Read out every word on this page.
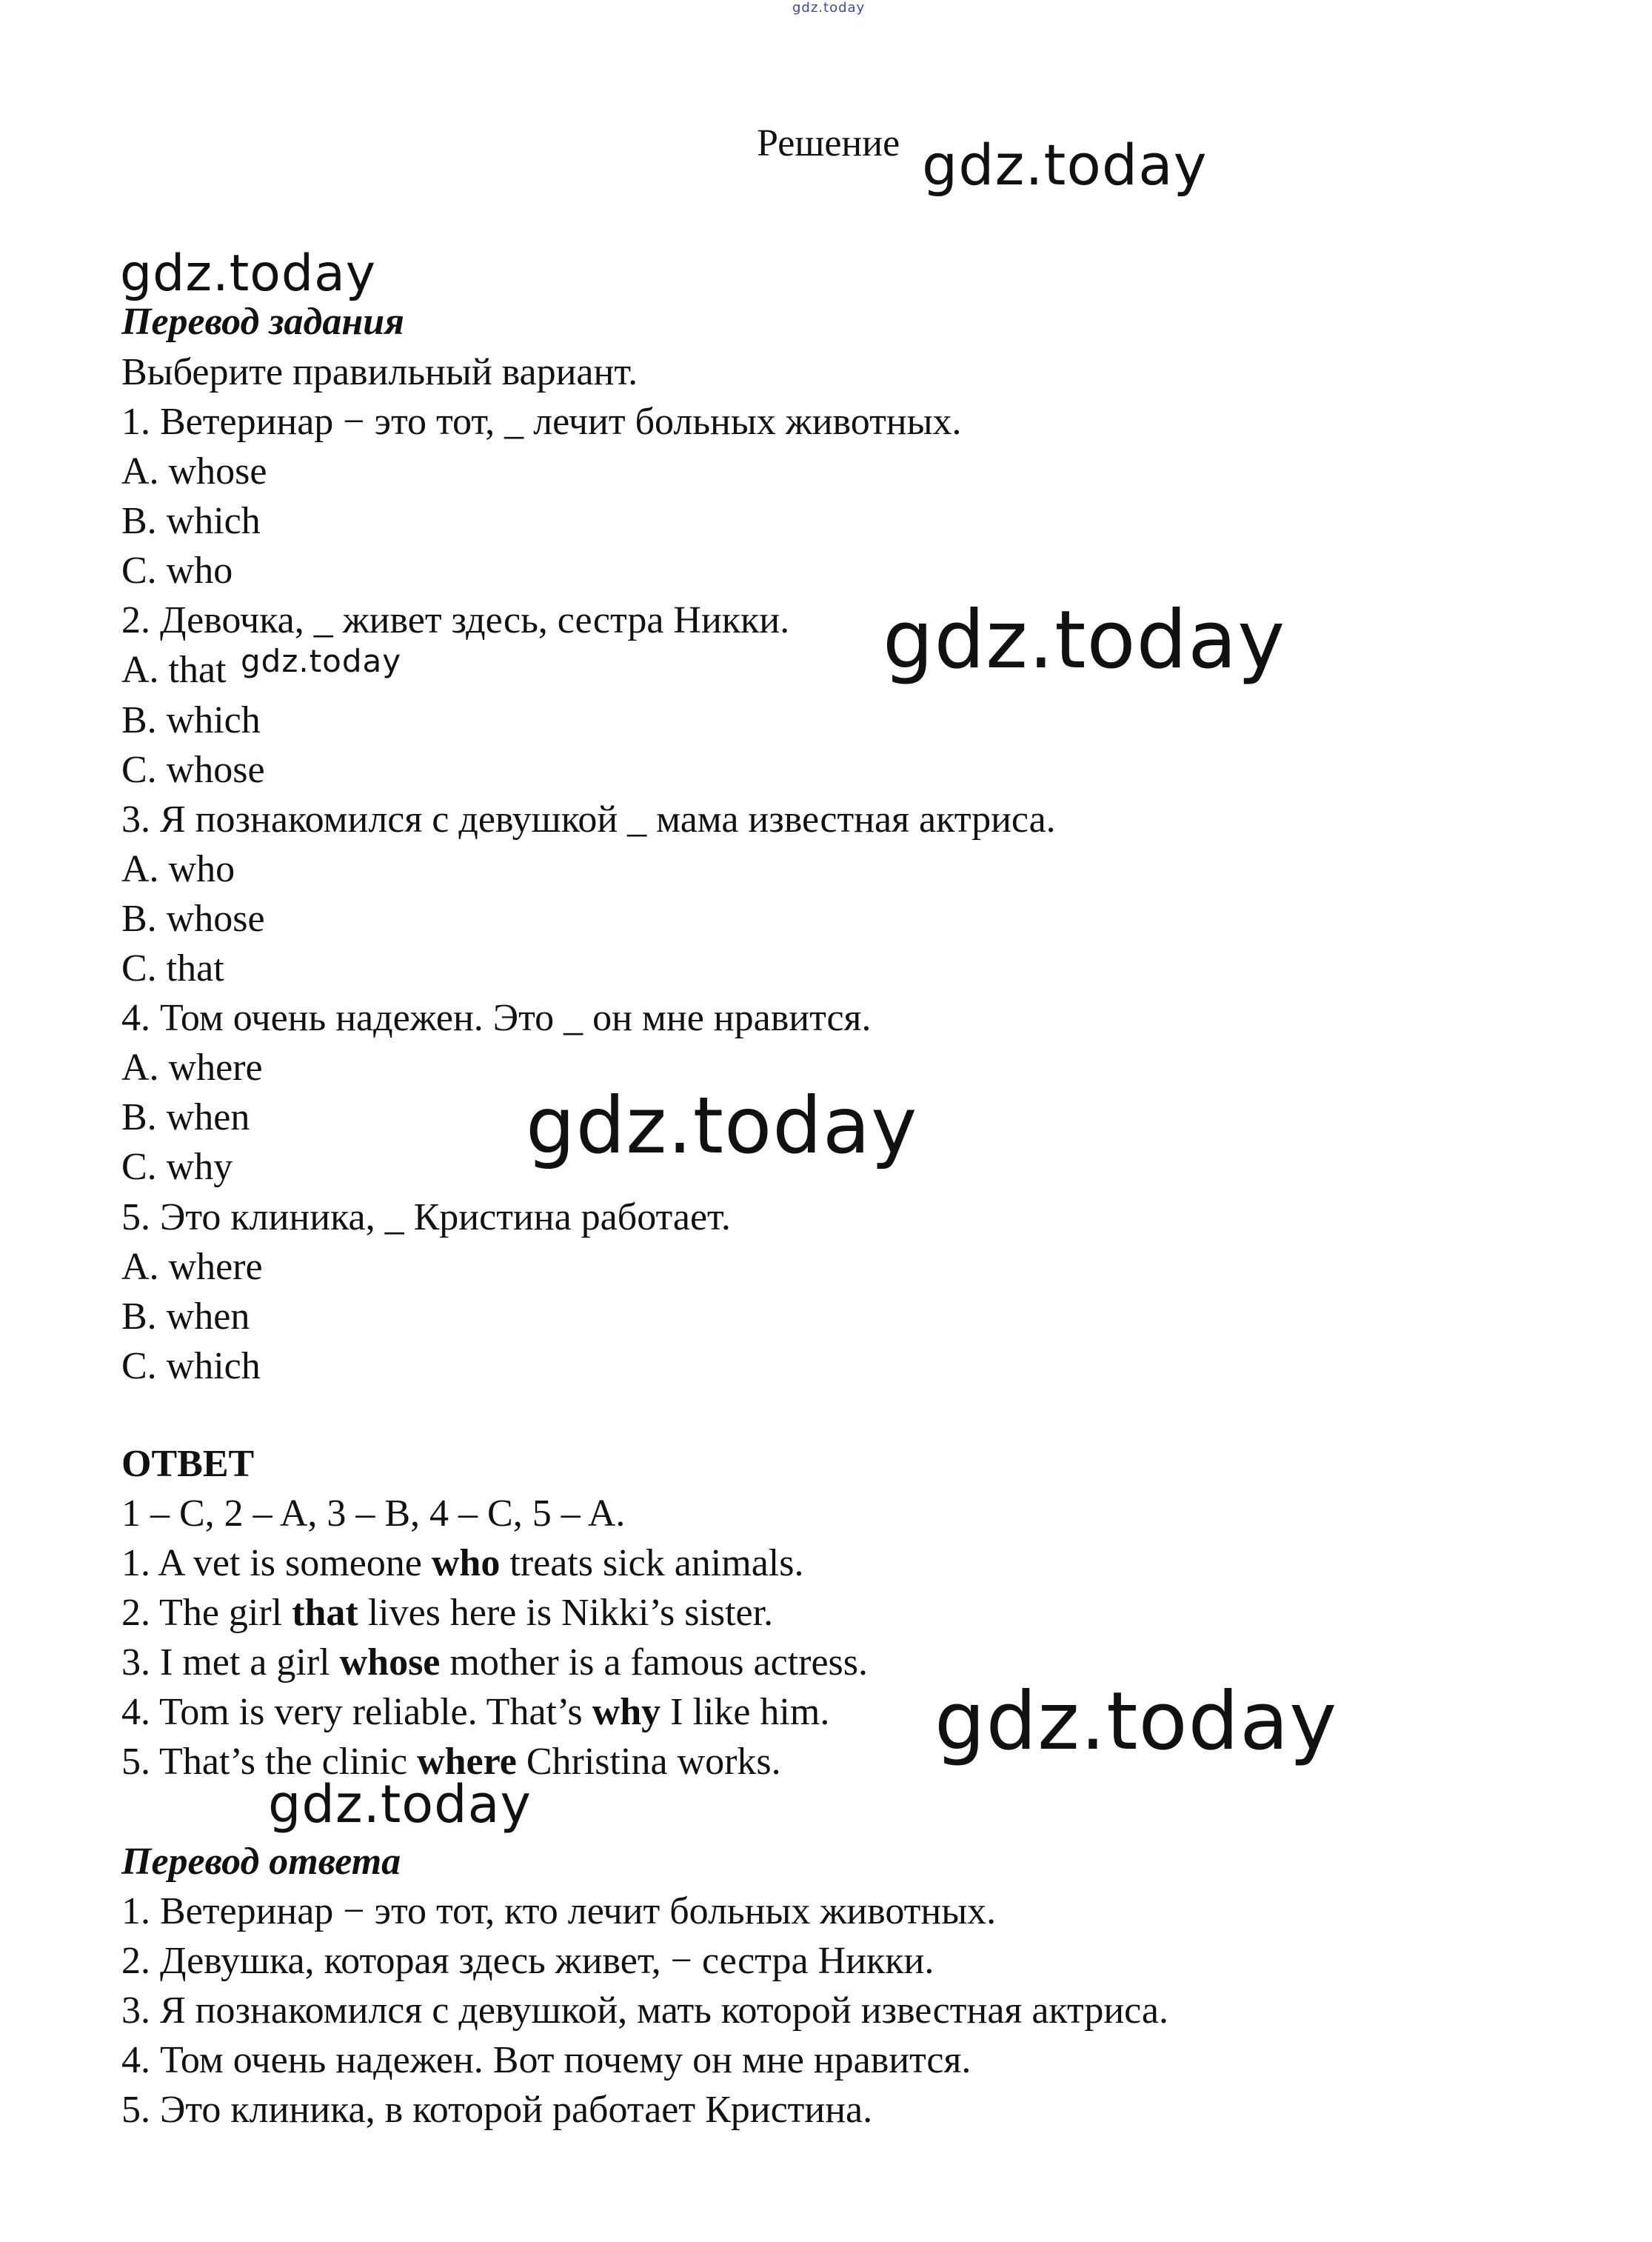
gdz.today

gdz.today

gdz.today

gdz.today

gdz.today

gdz.today

gdz.today

gdz.today

Решение

Перевод задания

Выберите правильный вариант.

1. Ветеринар − это тот, _ лечит больных животных.

A. whose

B. which

C. who

2. Девочка, _ живет здесь, сестра Никки.

A. that

B. which

C. whose

3. Я познакомился с девушкой _ мама известная актриса.

A. who

B. whose

C. that

4. Том очень надежен. Это _ он мне нравится.

A. where

B. when

C. why

5. Это клиника, _ Кристина работает.

A. where

B. when

C. which

ОТВЕТ

1 – C, 2 – A, 3 – B, 4 – C, 5 – A.

1. A vet is someone who treats sick animals.

2. The girl that lives here is Nikki’s sister.

3. I met a girl whose mother is a famous actress.

4. Tom is very reliable. That’s why I like him.

5. That’s the clinic where Christina works.

Перевод ответа

1. Ветеринар − это тот, кто лечит больных животных.

2. Девушка, которая здесь живет, − сестра Никки.

3. Я познакомился с девушкой, мать которой известная актриса.

4. Том очень надежен. Вот почему он мне нравится.

5. Это клиника, в которой работает Кристина.
